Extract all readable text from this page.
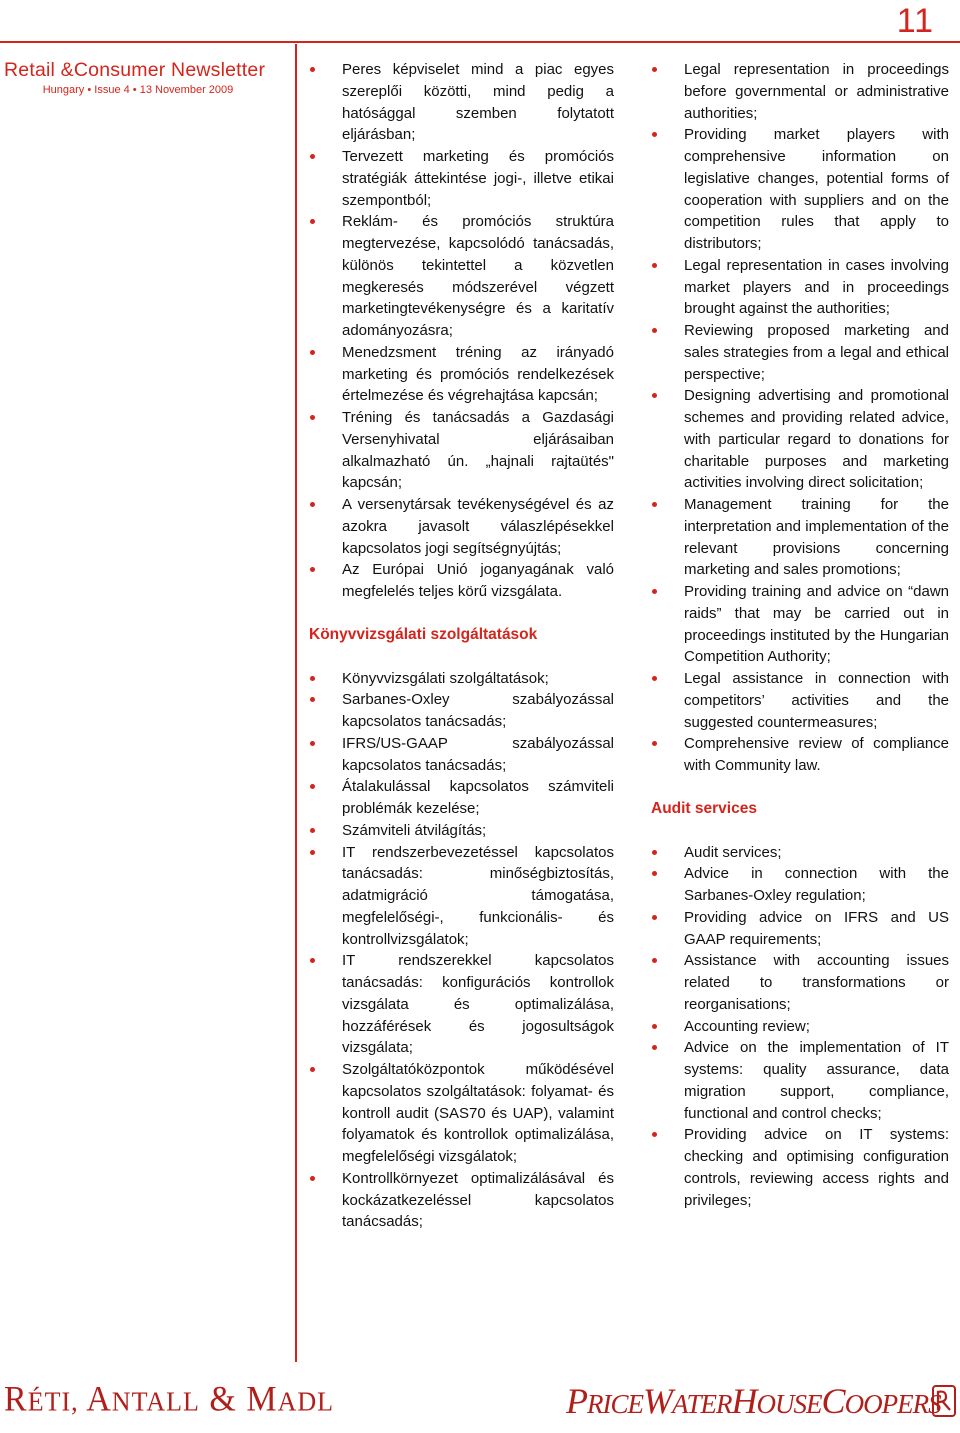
11
Retail &Consumer Newsletter
Hungary • Issue 4 • 13 November 2009
Peres képviselet mind a piac egyes szereplői közötti, mind pedig a hatósággal szemben folytatott eljárásban;
Tervezett marketing és promóciós stratégiák áttekintése jogi-, illetve etikai szempontból;
Reklám- és promóciós struktúra megtervezése, kapcsolódó tanácsadás, különös tekintettel a közvetlen megkeresés módszerével végzett marketingtevékenységre és a karitatív adományozásra;
Menedzsment tréning az irányadó marketing és promóciós rendelkezések értelmezése és végrehajtása kapcsán;
Tréning és tanácsadás a Gazdasági Versenyhivatal eljárásaiban alkalmazható ún. „hajnali rajtaütés" kapcsán;
A versenytársak tevékenységével és az azokra javasolt válaszlépésekkel kapcsolatos jogi segítségnyújtás;
Az Európai Unió joganyagának való megfelelés teljes körű vizsgálata.
Könyvvizsgálati szolgáltatások
Könyvvizsgálati szolgáltatások;
Sarbanes-Oxley szabályozással kapcsolatos tanácsadás;
IFRS/US-GAAP szabályozással kapcsolatos tanácsadás;
Átalakulással kapcsolatos számviteli problémák kezelése;
Számviteli átvilágítás;
IT rendszerbevezetéssel kapcsolatos tanácsadás: minőségbiztosítás, adatmigráció támogatása, megfelelőségi-, funkcionális- és kontrollvizsgálatok;
IT rendszerekkel kapcsolatos tanácsadás: konfigurációs kontrollok vizsgálata és optimalizálása, hozzáférések és jogosultságok vizsgálata;
Szolgáltatóközpontok működésével kapcsolatos szolgáltatások: folyamat- és kontroll audit (SAS70 és UAP), valamint folyamatok és kontrollok optimalizálása, megfelelőségi vizsgálatok;
Kontrollkörnyezet optimalizálásával és kockázatkezeléssel kapcsolatos tanácsadás;
Legal representation in proceedings before governmental or administrative authorities;
Providing market players with comprehensive information on legislative changes, potential forms of cooperation with suppliers and on the competition rules that apply to distributors;
Legal representation in cases involving market players and in proceedings brought against the authorities;
Reviewing proposed marketing and sales strategies from a legal and ethical perspective;
Designing advertising and promotional schemes and providing related advice, with particular regard to donations for charitable purposes and marketing activities involving direct solicitation;
Management training for the interpretation and implementation of the relevant provisions concerning marketing and sales promotions;
Providing training and advice on “dawn raids” that may be carried out in proceedings instituted by the Hungarian Competition Authority;
Legal assistance in connection with competitors’ activities and the suggested countermeasures;
Comprehensive review of compliance with Community law.
Audit services
Audit services;
Advice in connection with the Sarbanes-Oxley regulation;
Providing advice on IFRS and US GAAP requirements;
Assistance with accounting issues related to transformations or reorganisations;
Accounting review;
Advice on the implementation of IT systems: quality assurance, data migration support, compliance, functional and control checks;
Providing advice on IT systems: checking and optimising configuration controls, reviewing access rights and privileges;
RÉTI, ANTALL & MADL	PRICEWATERHOUSECOOPERS
